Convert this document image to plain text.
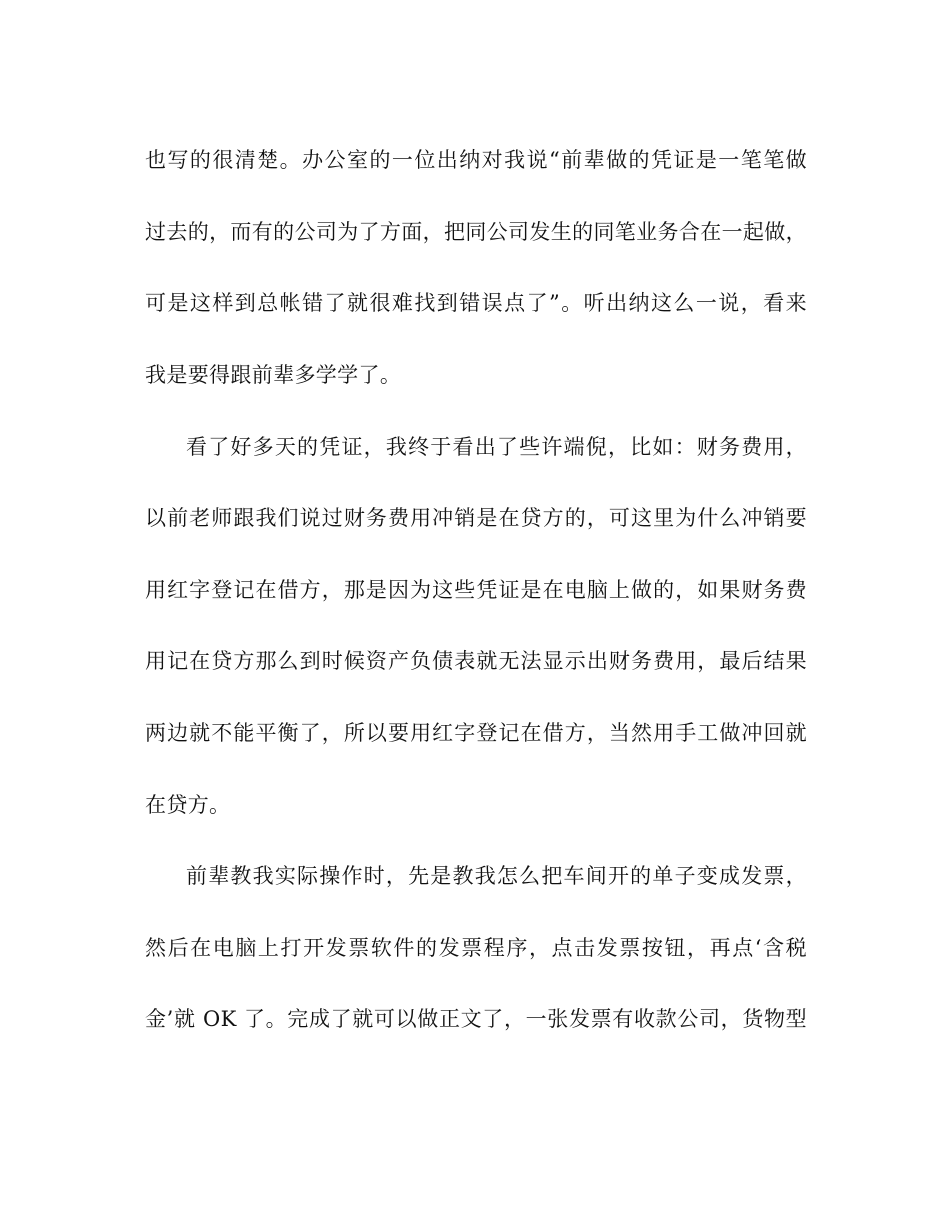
也写的很清楚。办公室的一位出纳对我说“前辈做的凭证是一笔笔做
过去的，而有的公司为了方面，把同公司发生的同笔业务合在一起做，
可是这样到总帐错了就很难找到错误点了”。听出纳这么一说，看来
我是要得跟前辈多学学了。
看了好多天的凭证，我终于看出了些许端倪，比如：财务费用，
以前老师跟我们说过财务费用冲销是在贷方的，可这里为什么冲销要
用红字登记在借方，那是因为这些凭证是在电脑上做的，如果财务费
用记在贷方那么到时候资产负债表就无法显示出财务费用，最后结果
两边就不能平衡了，所以要用红字登记在借方，当然用手工做冲回就
在贷方。
前辈教我实际操作时，先是教我怎么把车间开的单子变成发票，
然后在电脑上打开发票软件的发票程序，点击发票按钮，再点‘含税
金’就 OK 了。完成了就可以做正文了，一张发票有收款公司，货物型
